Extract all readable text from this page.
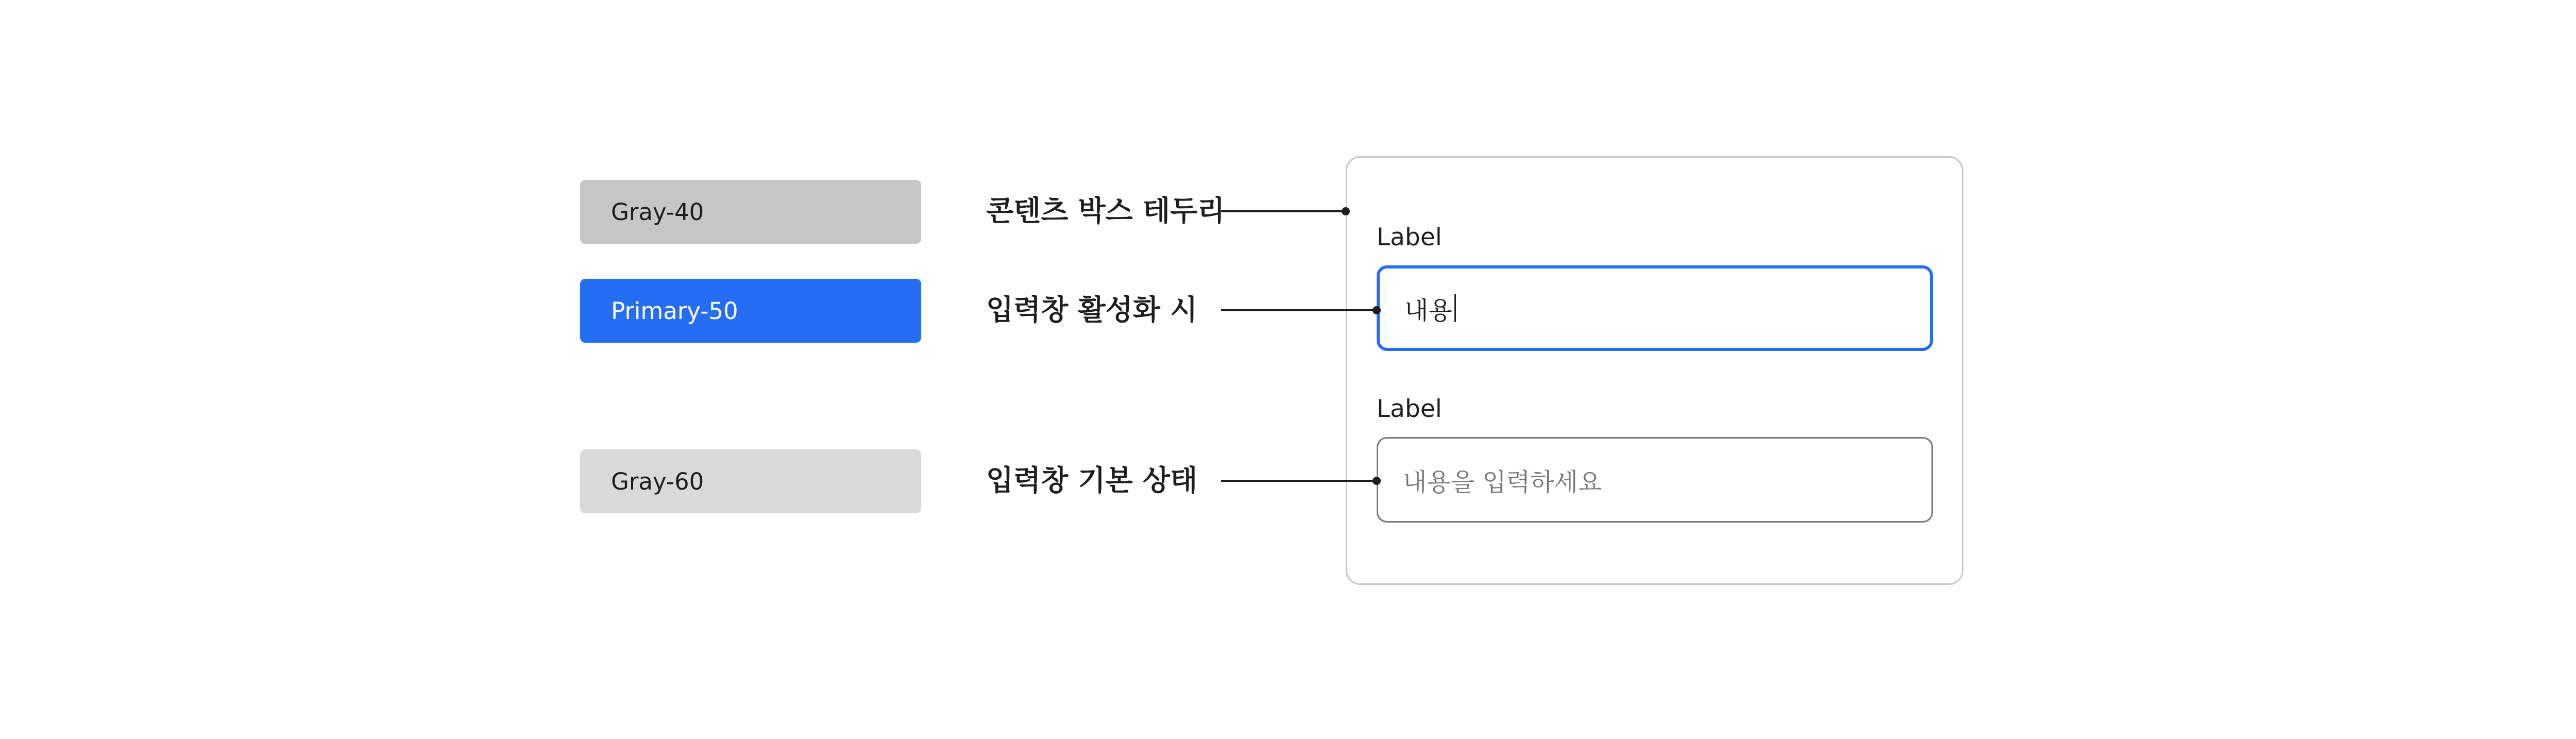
Gray-40
Primary-50
Gray-60
콘텐츠 박스 테두리
입력창 활성화 시
입력창 기본 상태
Label
내용
Label
내용을 입력하세요
